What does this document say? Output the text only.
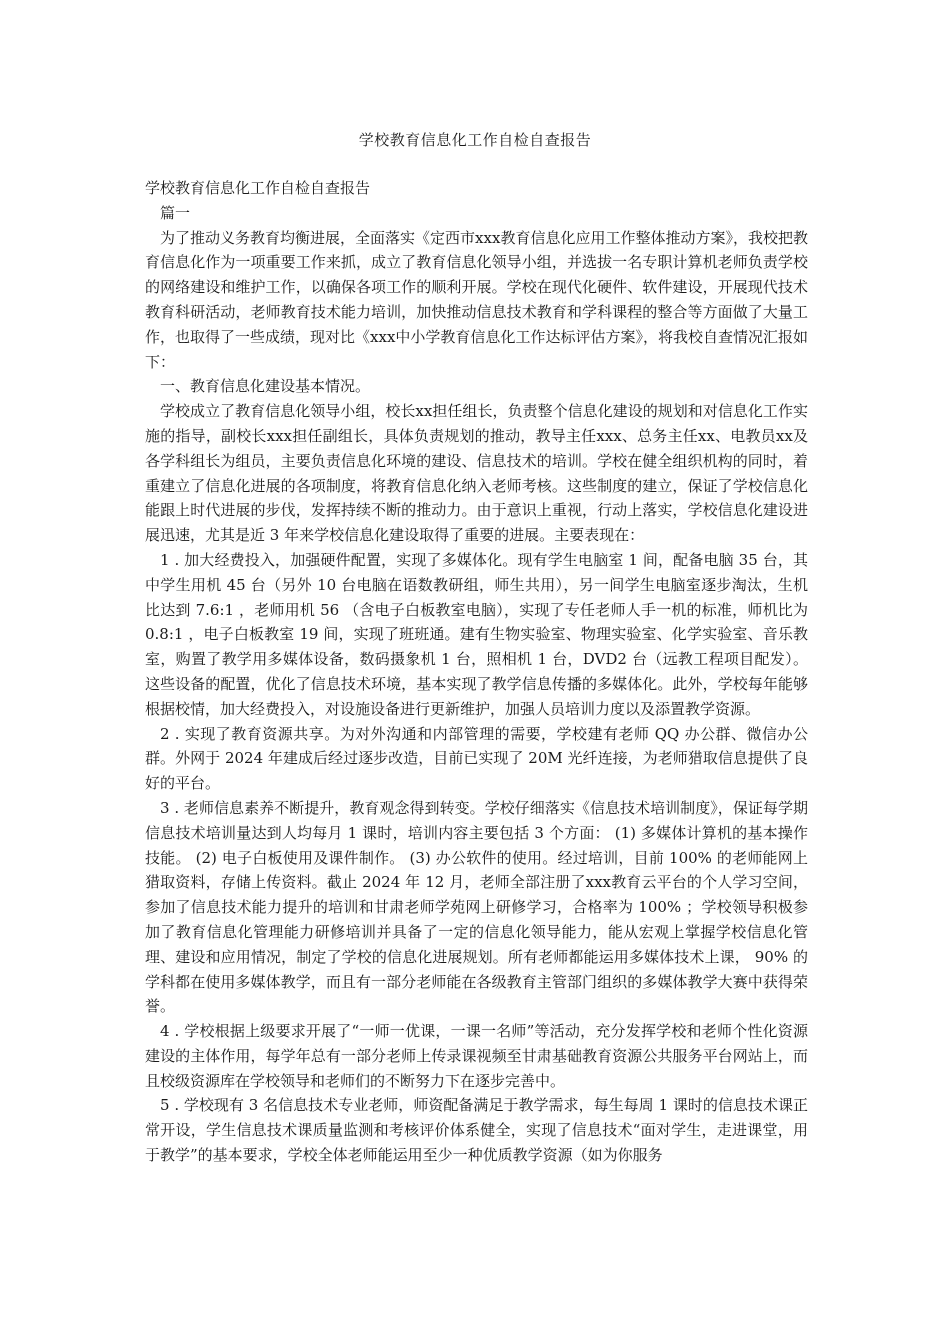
学校教育信息化工作自检自查报告

学校教育信息化工作自检自查报告

篇一

为了推动义务教育均衡进展，全面落实《定西市xxx教育信息化应用工作整体推动方案》，我校把教育信息化作为一项重要工作来抓，成立了教育信息化领导小组，并选拔一名专职计算机老师负责学校的网络建设和维护工作，以确保各项工作的顺利开展。学校在现代化硬件、软件建设，开展现代技术教育科研活动，老师教育技术能力培训，加快推动信息技术教育和学科课程的整合等方面做了大量工作，也取得了一些成绩，现对比《xxx中小学教育信息化工作达标评估方案》，将我校自查情况汇报如下：

一、教育信息化建设基本情况。

学校成立了教育信息化领导小组，校长xx担任组长，负责整个信息化建设的规划和对信息化工作实施的指导，副校长xxx担任副组长，具体负责规划的推动，教导主任xxx、总务主任xx、电教员xx及各学科组长为组员，主要负责信息化环境的建设、信息技术的培训。学校在健全组织机构的同时，着重建立了信息化进展的各项制度，将教育信息化纳入老师考核。这些制度的建立，保证了学校信息化能跟上时代进展的步伐，发挥持续不断的推动力。由于意识上重视，行动上落实，学校信息化建设进展迅速，尤其是近 3 年来学校信息化建设取得了重要的进展。主要表现在：

1 . 加大经费投入，加强硬件配置，实现了多媒体化。现有学生电脑室 1 间，配备电脑 35 台，其中学生用机 45 台（另外 10 台电脑在语数教研组，师生共用），另一间学生电脑室逐步淘汰，生机比达到 7.6:1 ，老师用机 56 （含电子白板教室电脑），实现了专任老师人手一机的标准，师机比为 0.8:1 ，电子白板教室 19 间，实现了班班通。建有生物实验室、物理实验室、化学实验室、音乐教室，购置了教学用多媒体设备，数码摄象机 1 台，照相机 1 台，DVD2 台（远教工程项目配发）。这些设备的配置，优化了信息技术环境，基本实现了教学信息传播的多媒体化。此外，学校每年能够根据校情，加大经费投入，对设施设备进行更新维护，加强人员培训力度以及添置教学资源。

2 . 实现了教育资源共享。为对外沟通和内部管理的需要，学校建有老师 QQ 办公群、微信办公群。外网于 2024 年建成后经过逐步改造，目前已实现了 20M 光纤连接，为老师猎取信息提供了良好的平台。

3 . 老师信息素养不断提升，教育观念得到转变。学校仔细落实《信息技术培训制度》，保证每学期信息技术培训量达到人均每月 1 课时，培训内容主要包括 3 个方面： (1) 多媒体计算机的基本操作技能。 (2) 电子白板使用及课件制作。 (3) 办公软件的使用。经过培训，目前 100% 的老师能网上猎取资料，存储上传资料。截止 2024 年 12 月，老师全部注册了xxx教育云平台的个人学习空间，参加了信息技术能力提升的培训和甘肃老师学苑网上研修学习，合格率为 100% ；学校领导积极参加了教育信息化管理能力研修培训并具备了一定的信息化领导能力，能从宏观上掌握学校信息化管理、建设和应用情况，制定了学校的信息化进展规划。所有老师都能运用多媒体技术上课， 90% 的学科都在使用多媒体教学，而且有一部分老师能在各级教育主管部门组织的多媒体教学大赛中获得荣誉。

4 . 学校根据上级要求开展了“一师一优课，一课一名师”等活动，充分发挥学校和老师个性化资源建设的主体作用，每学年总有一部分老师上传录课视频至甘肃基础教育资源公共服务平台网站上，而且校级资源库在学校领导和老师们的不断努力下在逐步完善中。

5 . 学校现有 3 名信息技术专业老师，师资配备满足于教学需求，每生每周 1 课时的信息技术课正常开设，学生信息技术课质量监测和考核评价体系健全，实现了信息技术“面对学生，走进课堂，用于教学”的基本要求，学校全体老师能运用至少一种优质教学资源（如为你服务
